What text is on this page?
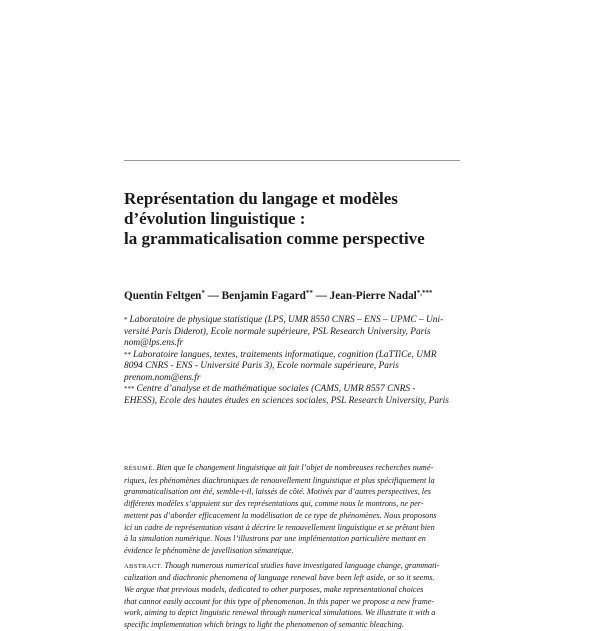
Représentation du langage et modèles
d’évolution linguistique :
la grammaticalisation comme perspective
Quentin Feltgen* — Benjamin Fagard** — Jean-Pierre Nadal*,***
* Laboratoire de physique statistique (LPS, UMR 8550 CNRS – ENS – UPMC – Uni-
versité Paris Diderot), École normale supérieure, PSL Research University, Paris
nom@lps.ens.fr
** Laboratoire langues, textes, traitements informatique, cognition (LaTTiCe, UMR
8094 CNRS - ENS - Université Paris 3), École normale supérieure, Paris
prenom.nom@ens.fr
*** Centre d’analyse et de mathématique sociales (CAMS, UMR 8557 CNRS -
EHESS), École des hautes études en sciences sociales, PSL Research University, Paris
RÉSUMÉ. Bien que le changement linguistique ait fait l’objet de nombreuses recherches numé-
riques, les phénomènes diachroniques de renouvellement linguistique et plus spécifiquement la
grammaticalisation ont été, semble-t-il, laissés de côté. Motivés par d’autres perspectives, les
différents modèles s’appuient sur des représentations qui, comme nous le montrons, ne per-
mettent pas d’aborder efficacement la modélisation de ce type de phénomènes. Nous proposons
ici un cadre de représentation visant à décrire le renouvellement linguistique et se prêtant bien
à la simulation numérique. Nous l’illustrons par une implémentation particulière mettant en
évidence le phénomène de javellisation sémantique.
ABSTRACT. Though numerous numerical studies have investigated language change, grammati-
calization and diachronic phenomena of language renewal have been left aside, or so it seems.
We argue that previous models, dedicated to other purposes, make representational choices
that cannot easily account for this type of phenomenon. In this paper we propose a new frame-
work, aiming to depict linguistic renewal through numerical simulations. We illustrate it with a
specific implementation which brings to light the phenomenon of semantic bleaching.
